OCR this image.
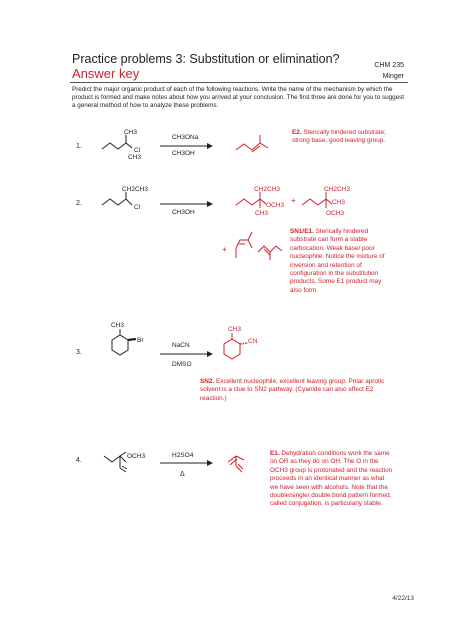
Practice problems 3: Substitution or elimination?
Answer key
CHM 235
Minger
Predict the major organic product of each of the following reactions. Write the name of the mechanism by which the product is formed and make notes about how you arrived at your conclusion. The first three are done for you to suggest a general method of how to analyze these problems.
1.
2.
3.
4.
CH3
Cl
CH3
CH3ONa
CH3OH
CH2CH3
Cl
CH3OH
CH2CH3
OCH3
CH3
+
CH2CH3
CH3
OCH3
+
CH3
Br
NaCN
DMSO
CH3
CN
OCH3	H2SO4
Δ
E2. Sterically hindered substrate; strong base, good leaving group.
SN1/E1. Sterically hindered substrate can form a stable carbocation. Weak base/ poor nucleophile. Notice the mixture of inversion and retention of configuration in the substitution products. Some E1 product may also form.
SN2. Excellent nucleophile, excellent leaving group. Polar aprotic solvent is a clue to SN2 pathway. (Cyanide can also effect E2 reaction.)
E1. Dehydration conditions work the same on OR as they do on OH. The O in the OCH3 group is protonated and the reaction proceeds in an identical manner as what we have seen with alcohols. Note that the double/single/ double bond pattern formed, called conjugation, is particularly stable.
4/22/13
